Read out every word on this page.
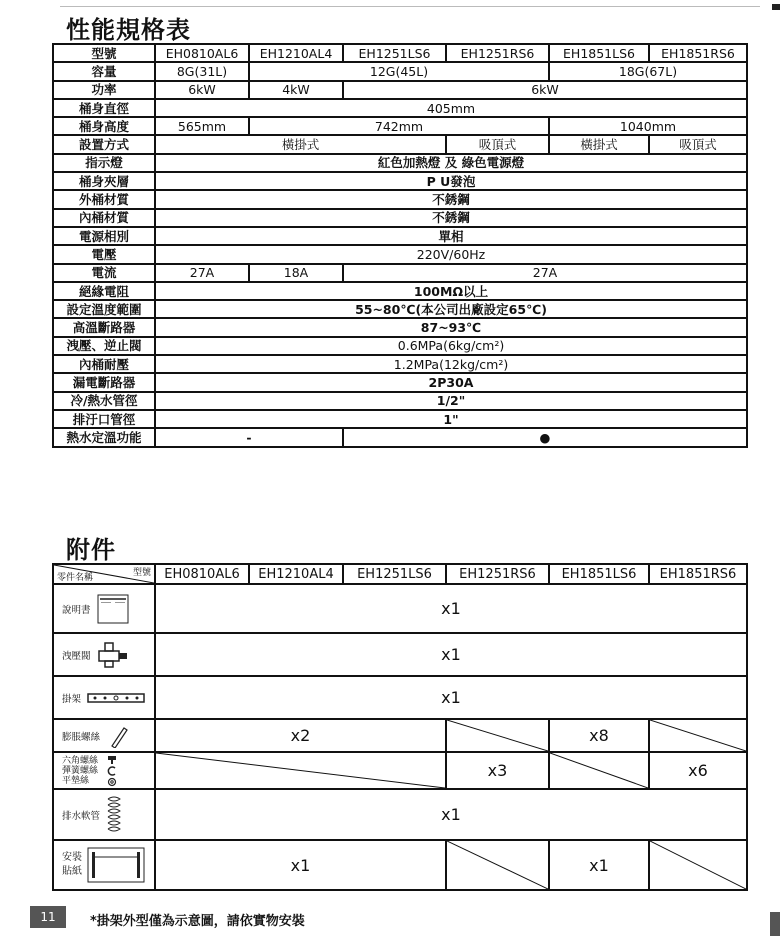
性能規格表
型號	EH0810AL6	EH1210AL4	EH1251LS6	EH1251RS6	EH1851LS6	EH1851RS6
容量	8G(31L)	12G(45L)			18G(67L)	
功率	6kW	4kW	6kW			
桶身直徑	405mm					
桶身高度	565mm	742mm			1040mm	
設置方式	橫掛式			吸頂式	橫掛式	吸頂式
指示燈	紅色加熱燈 及 綠色電源燈					
桶身夾層	P U發泡					
外桶材質	不銹鋼					
內桶材質	不銹鋼					
電源相別	單相					
電壓	220V/60Hz					
電流	27A	18A	27A			
絕緣電阻	100MΩ以上					
設定溫度範圍	55~80℃(本公司出廠設定65℃)					
高溫斷路器	87~93℃					
洩壓、逆止閥	0.6MPa(6kg/cm²)					
內桶耐壓	1.2MPa(12kg/cm²)					
漏電斷路器	2P30A					
冷/熱水管徑	1/2"					
排汙口管徑	1"					
熱水定溫功能	-		●			
附件
型號
零件名稱	EH0810AL6	EH1210AL4	EH1251LS6	EH1251RS6	EH1851LS6	EH1851RS6

說明書	x1					

洩壓閥	x1					

掛架	x1					

膨脹螺絲	x2				x8	

六角螺絲
彈簧螺絲
平墊絲				x3		x6

排水軟管	x1					

安裝
貼紙	x1				x1	
11	*掛架外型僅為示意圖，請依實物安裝
